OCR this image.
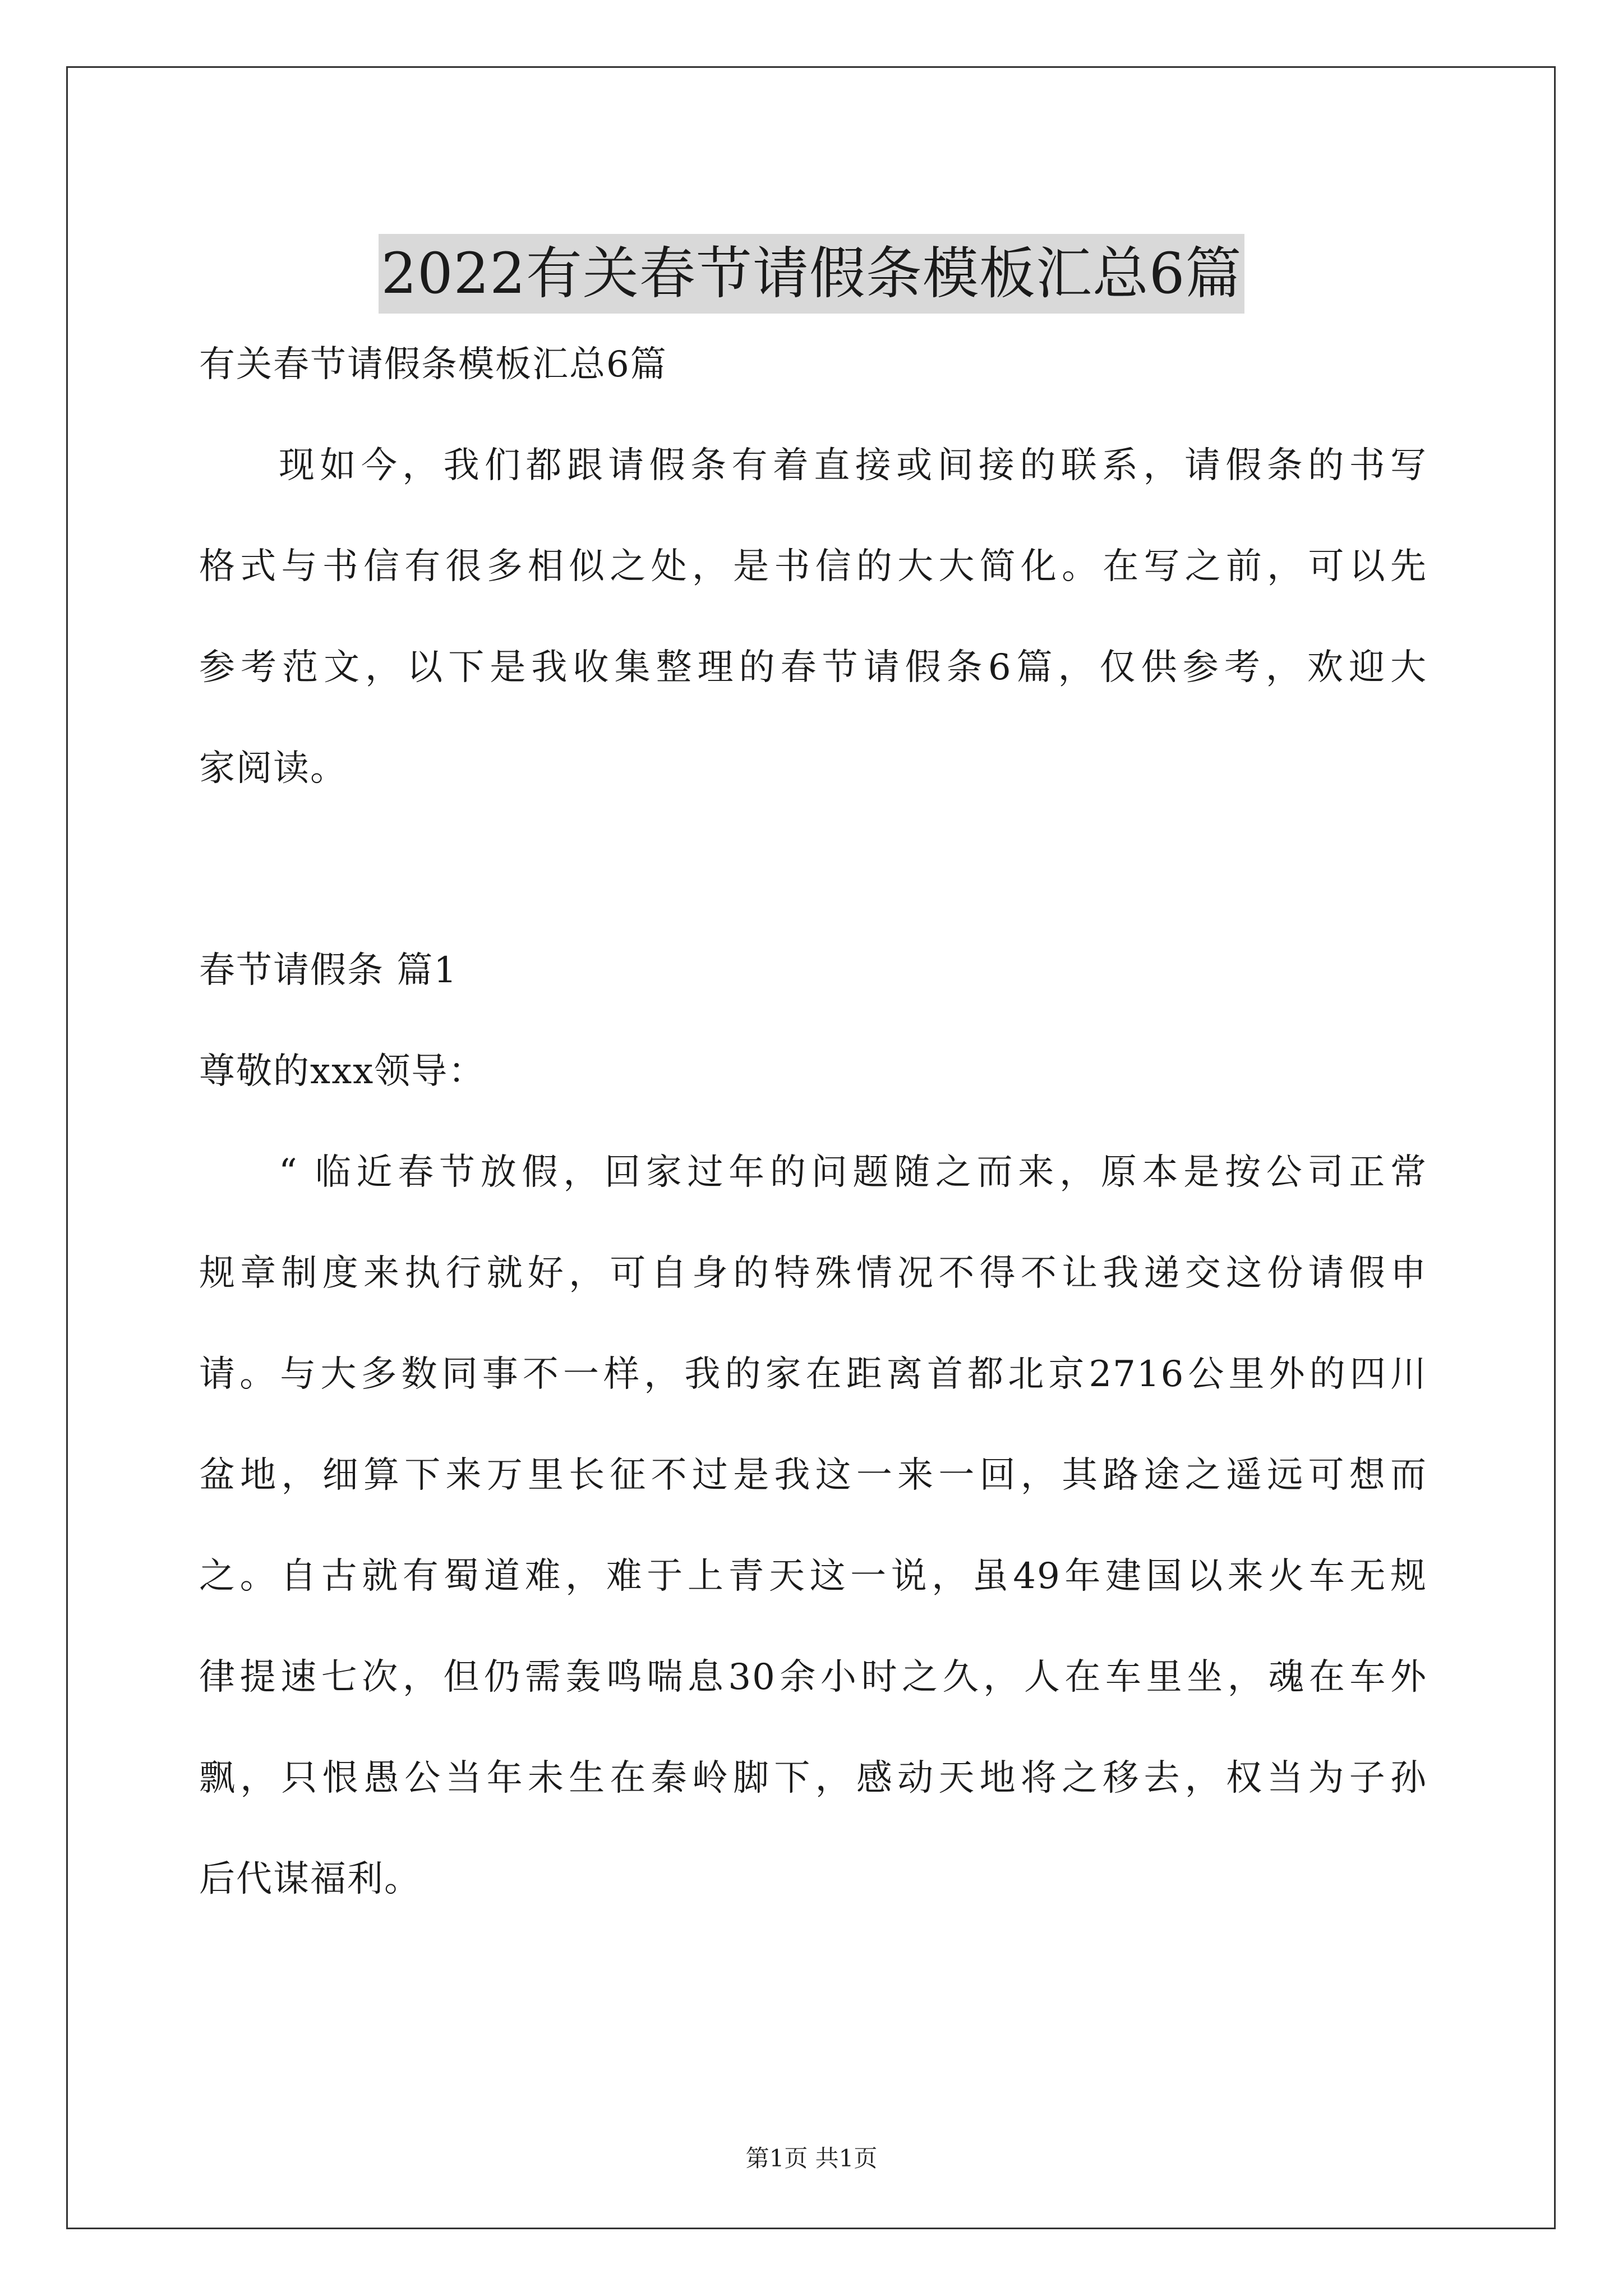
2022有关春节请假条模板汇总6篇
有关春节请假条模板汇总6篇
现如今，我们都跟请假条有着直接或间接的联系，请假条的书写
格式与书信有很多相似之处，是书信的大大简化。在写之前，可以先
参考范文，以下是我收集整理的春节请假条6篇，仅供参考，欢迎大
家阅读。
春节请假条 篇1
尊敬的xxx领导：
“ 临近春节放假，回家过年的问题随之而来，原本是按公司正常
规章制度来执行就好，可自身的特殊情况不得不让我递交这份请假申
请。与大多数同事不一样，我的家在距离首都北京2716公里外的四川
盆地，细算下来万里长征不过是我这一来一回，其路途之遥远可想而
之。自古就有蜀道难，难于上青天这一说，虽49年建国以来火车无规
律提速七次，但仍需轰鸣喘息30余小时之久，人在车里坐，魂在车外
飘，只恨愚公当年未生在秦岭脚下，感动天地将之移去，权当为子孙
后代谋福利。
第1页 共1页
